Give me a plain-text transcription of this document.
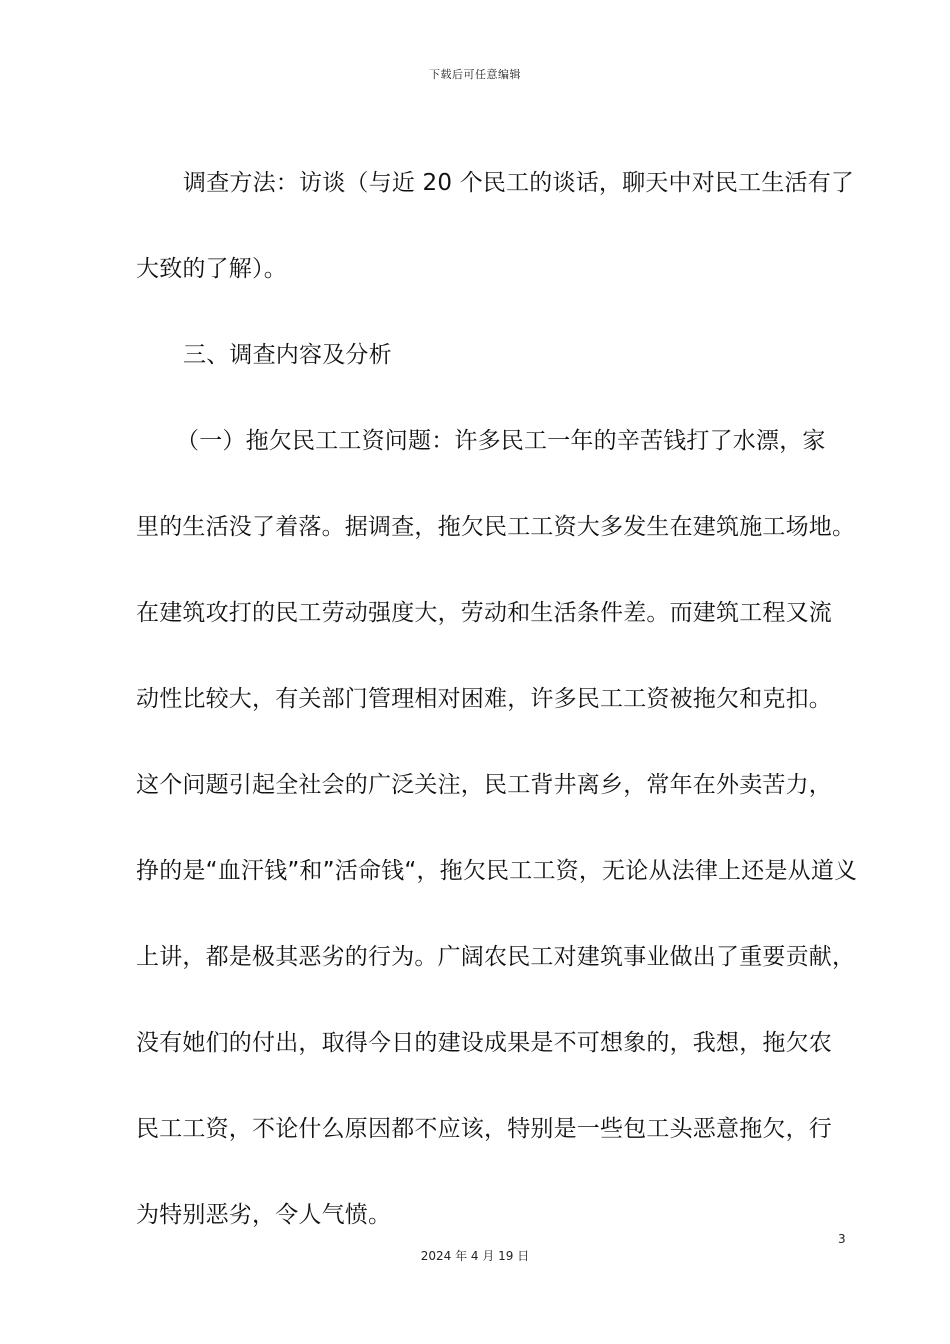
下载后可任意编辑
调查方法：访谈（与近 20 个民工的谈话，聊天中对民工生活有了
大致的了解）。
三、调查内容及分析
（一）拖欠民工工资问题：许多民工一年的辛苦钱打了水漂，家
里的生活没了着落。据调查，拖欠民工工资大多发生在建筑施工场地。
在建筑攻打的民工劳动强度大，劳动和生活条件差。而建筑工程又流
动性比较大，有关部门管理相对困难，许多民工工资被拖欠和克扣。
这个问题引起全社会的广泛关注，民工背井离乡，常年在外卖苦力，
挣的是“血汗钱”和”活命钱“，拖欠民工工资，无论从法律上还是从道义
上讲，都是极其恶劣的行为。广阔农民工对建筑事业做出了重要贡献，
没有她们的付出，取得今日的建设成果是不可想象的，我想，拖欠农
民工工资，不论什么原因都不应该，特别是一些包工头恶意拖欠，行
为特别恶劣，令人气愤。
3
2024 年 4 月 19 日
